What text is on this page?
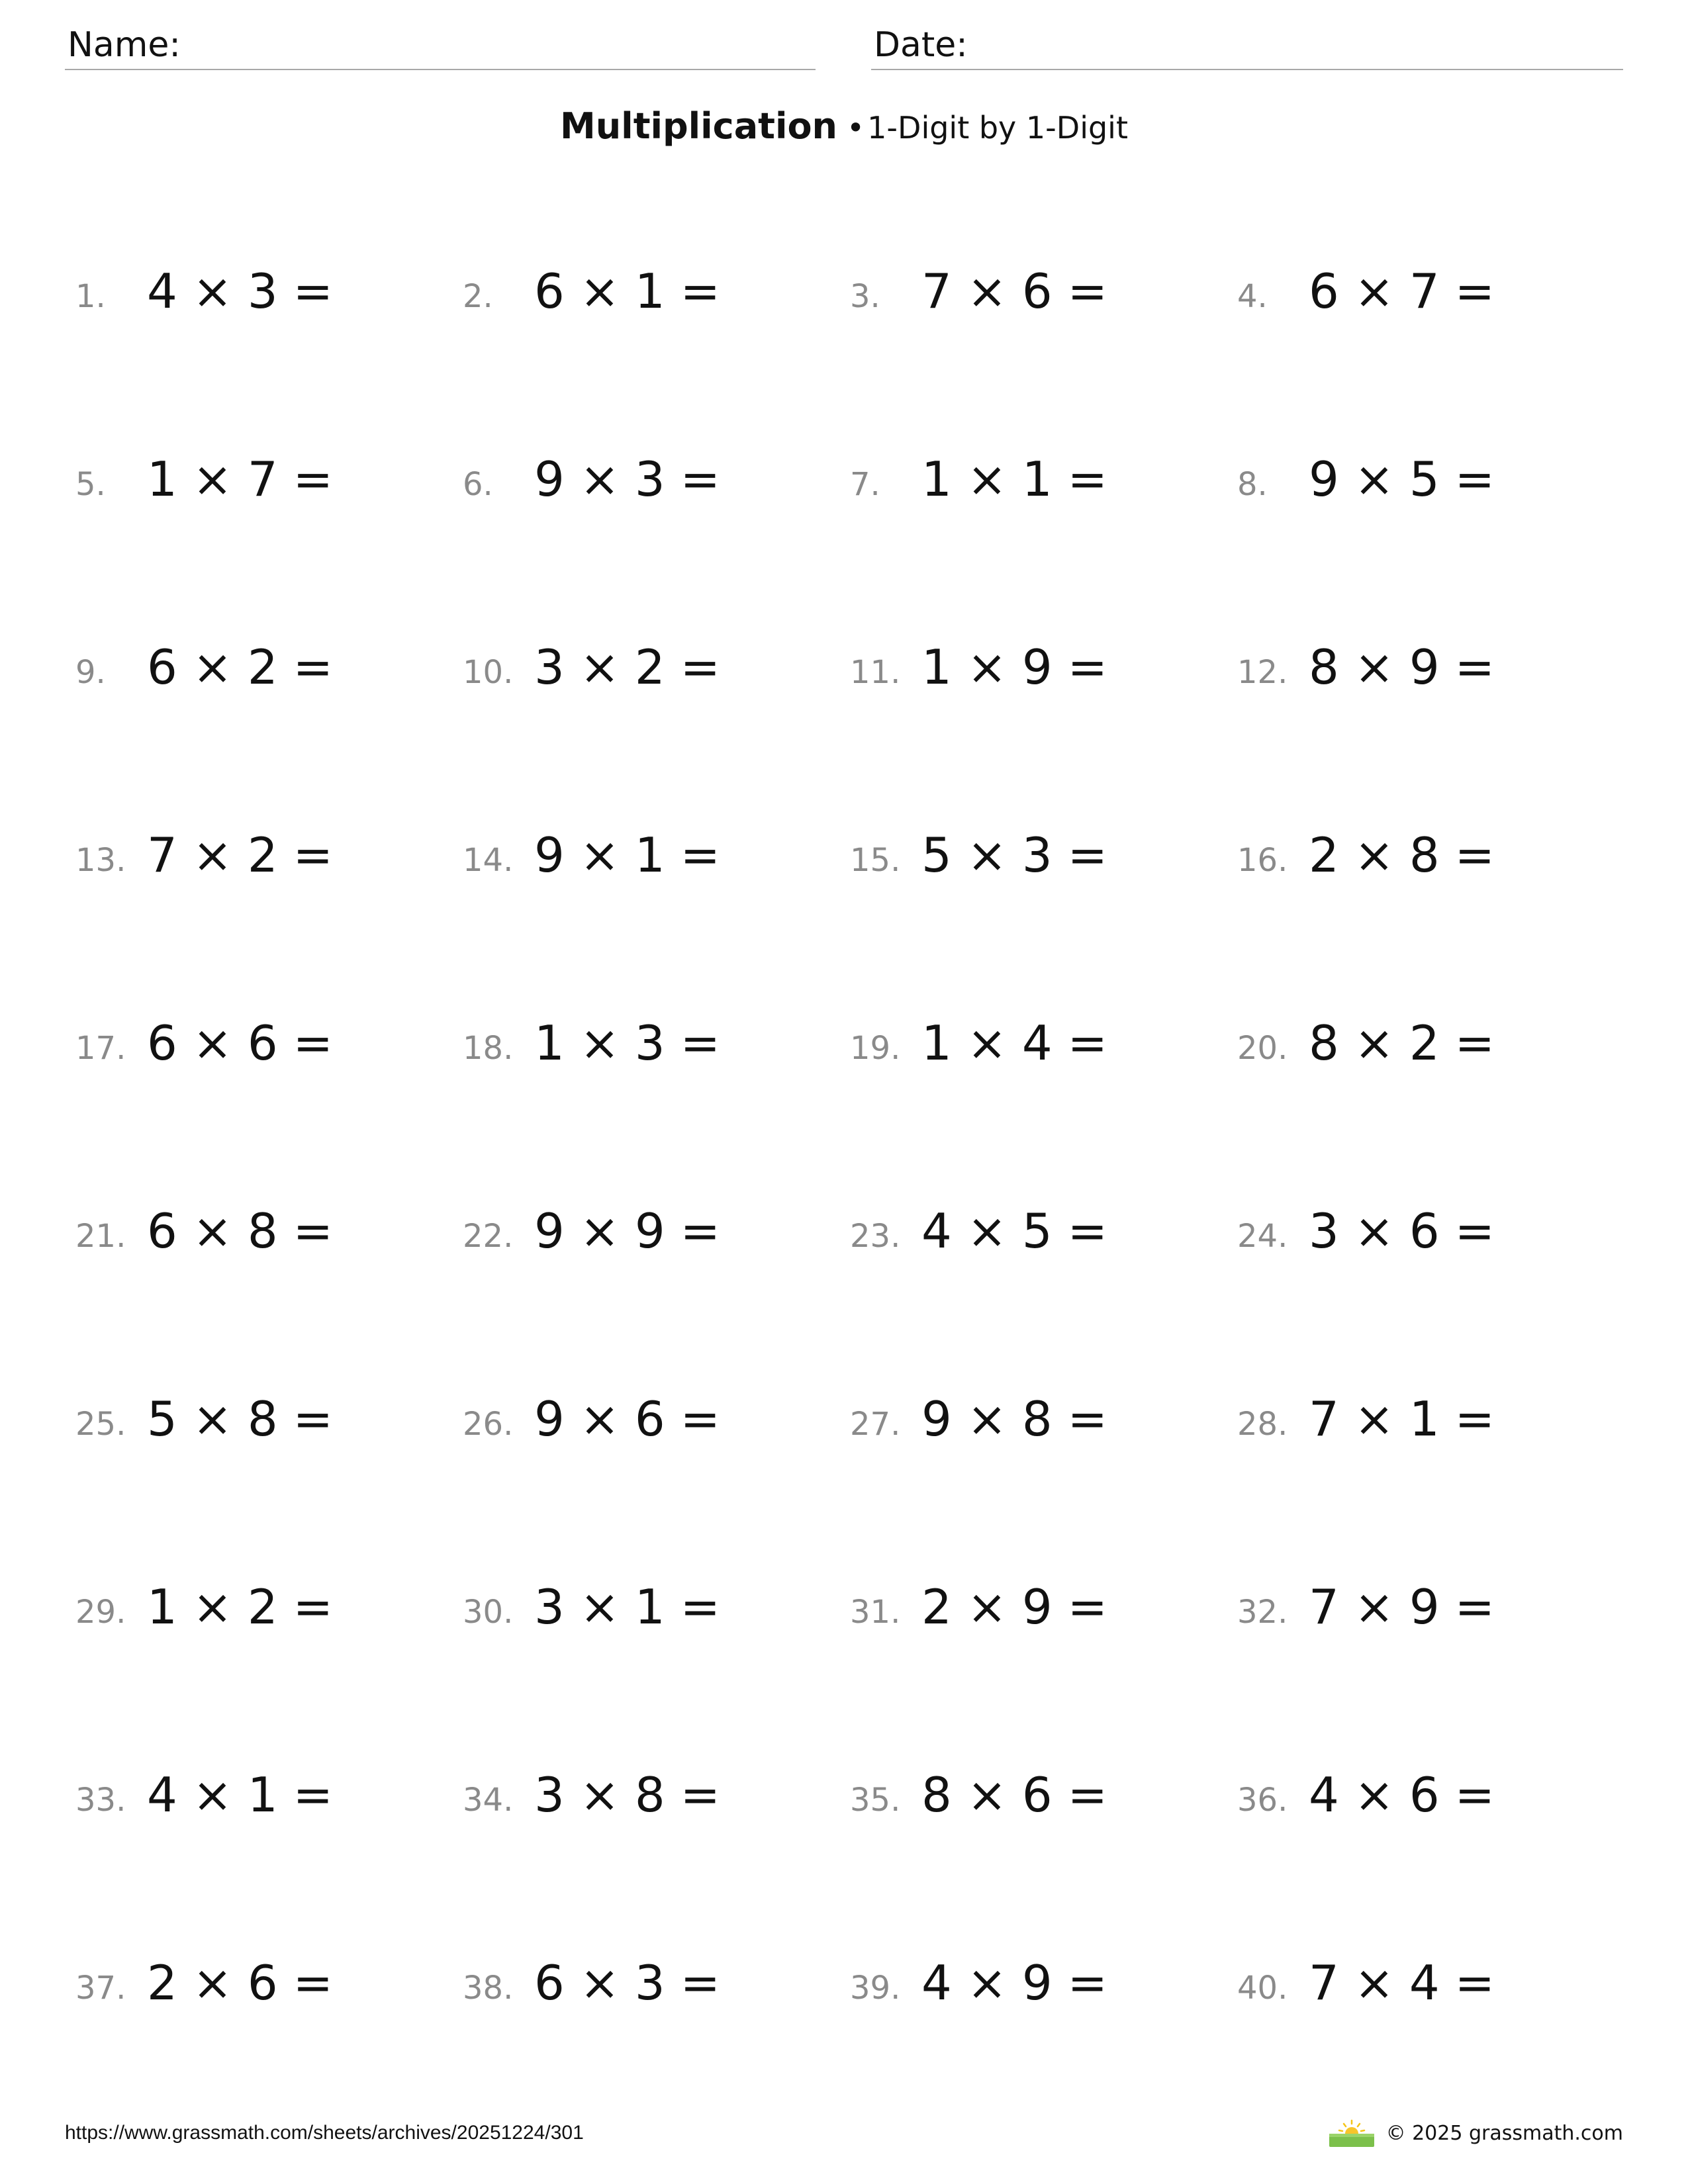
Name:	Date:
Multiplication •1-Digit by 1-Digit
1. 4 × 3 =	2. 6 × 1 =	3. 7 × 6 =	4. 6 × 7 =
5. 1 × 7 =	6. 9 × 3 =	7. 1 × 1 =	8. 9 × 5 =
9. 6 × 2 =	10. 3 × 2 =	11. 1 × 9 =	12. 8 × 9 =
13. 7 × 2 =	14. 9 × 1 =	15. 5 × 3 =	16. 2 × 8 =
17. 6 × 6 =	18. 1 × 3 =	19. 1 × 4 =	20. 8 × 2 =
21. 6 × 8 =	22. 9 × 9 =	23. 4 × 5 =	24. 3 × 6 =
25. 5 × 8 =	26. 9 × 6 =	27. 9 × 8 =	28. 7 × 1 =
29. 1 × 2 =	30. 3 × 1 =	31. 2 × 9 =	32. 7 × 9 =
33. 4 × 1 =	34. 3 × 8 =	35. 8 × 6 =	36. 4 × 6 =
37. 2 × 6 =	38. 6 × 3 =	39. 4 × 9 =	40. 7 × 4 =
https://www.grassmath.com/sheets/archives/20251224/301	© 2025 grassmath.com
